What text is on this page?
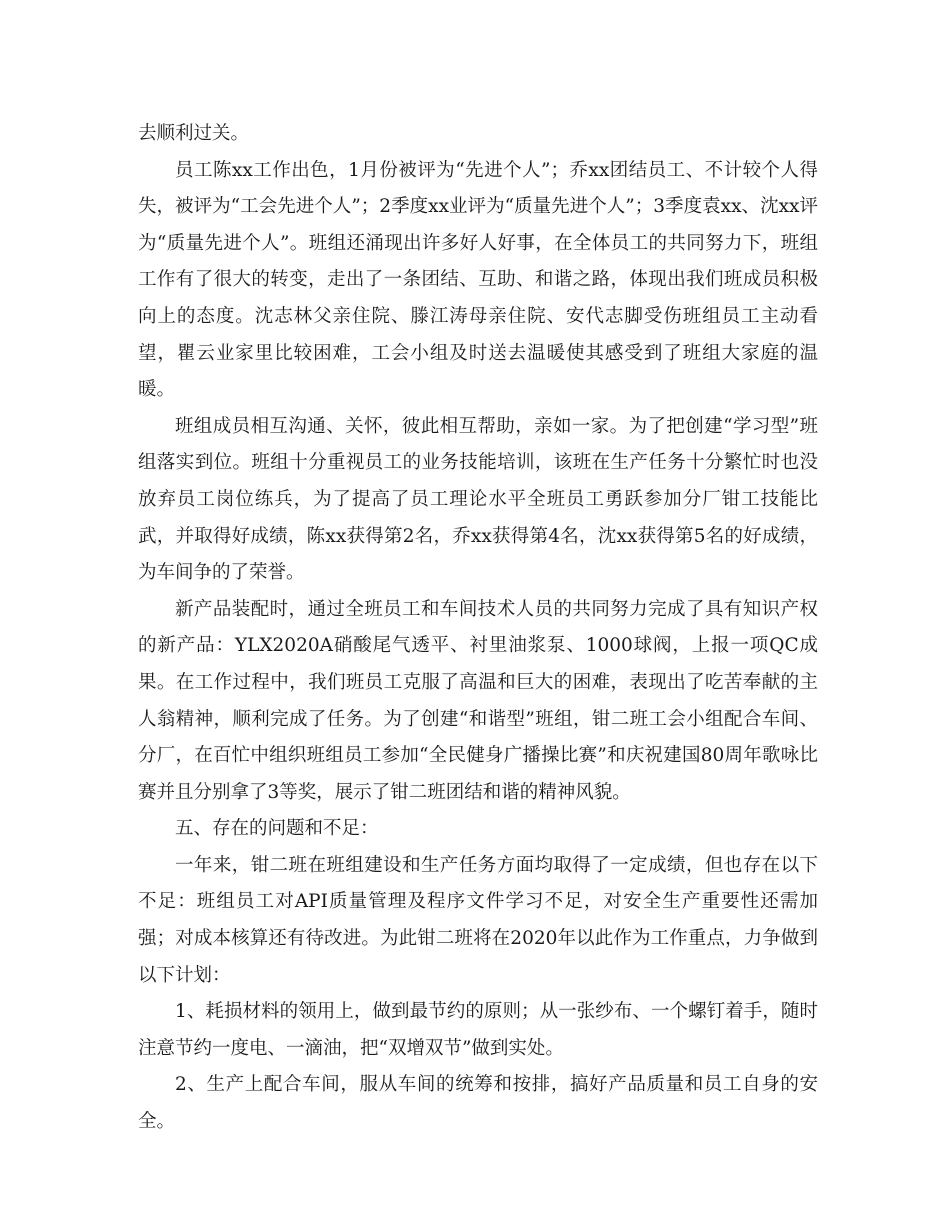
去顺利过关。

员工陈xx工作出色，1月份被评为“先进个人”；乔xx团结员工、不计较个人得失，被评为“工会先进个人”；2季度xx业评为“质量先进个人”；3季度袁xx、沈xx评为“质量先进个人”。班组还涌现出许多好人好事，在全体员工的共同努力下，班组工作有了很大的转变，走出了一条团结、互助、和谐之路，体现出我们班成员积极向上的态度。沈志林父亲住院、滕江涛母亲住院、安代志脚受伤班组员工主动看望，瞿云业家里比较困难，工会小组及时送去温暖使其感受到了班组大家庭的温暖。

班组成员相互沟通、关怀，彼此相互帮助，亲如一家。为了把创建“学习型”班组落实到位。班组十分重视员工的业务技能培训，该班在生产任务十分繁忙时也没放弃员工岗位练兵，为了提高了员工理论水平全班员工勇跃参加分厂钳工技能比武，并取得好成绩，陈xx获得第2名，乔xx获得第4名，沈xx获得第5名的好成绩，为车间争的了荣誉。

新产品装配时，通过全班员工和车间技术人员的共同努力完成了具有知识产权的新产品：YLX2020A硝酸尾气透平、衬里油浆泵、1000球阀，上报一项QC成果。在工作过程中，我们班员工克服了高温和巨大的困难，表现出了吃苦奉献的主人翁精神，顺利完成了任务。为了创建“和谐型”班组，钳二班工会小组配合车间、分厂，在百忙中组织班组员工参加“全民健身广播操比赛”和庆祝建国80周年歌咏比赛并且分别拿了3等奖，展示了钳二班团结和谐的精神风貌。

五、存在的问题和不足：

一年来，钳二班在班组建设和生产任务方面均取得了一定成绩，但也存在以下不足：班组员工对API质量管理及程序文件学习不足，对安全生产重要性还需加强；对成本核算还有待改进。为此钳二班将在2020年以此作为工作重点，力争做到以下计划：

1、耗损材料的领用上，做到最节约的原则；从一张纱布、一个螺钉着手，随时注意节约一度电、一滴油，把“双增双节”做到实处。

2、生产上配合车间，服从车间的统筹和按排，搞好产品质量和员工自身的安全。
